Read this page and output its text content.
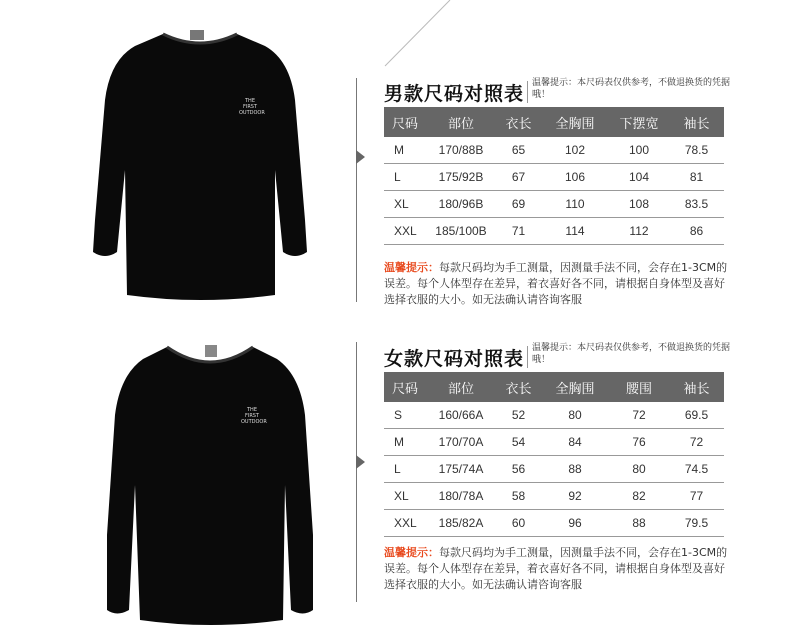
THE FIRST OUTDOOR
THE FIRST OUTDOOR
男款尺码对照表 温馨提示：本尺码表仅供参考，不做退换货的凭据哦！
尺码	部位	衣长	全胸围	下摆宽	袖长
M	170/88B	65	102	100	78.5
L	175/92B	67	106	104	81
XL	180/96B	69	110	108	83.5
XXL	185/100B	71	114	112	86
温馨提示：每款尺码均为手工测量，因测量手法不同，会存在1-3CM的误差。每个人体型存在差异，着衣喜好各不同，请根据自身体型及喜好选择衣服的大小。如无法确认请咨询客服
女款尺码对照表 温馨提示：本尺码表仅供参考，不做退换货的凭据哦！
尺码	部位	衣长	全胸围	腰围	袖长
S	160/66A	52	80	72	69.5
M	170/70A	54	84	76	72
L	175/74A	56	88	80	74.5
XL	180/78A	58	92	82	77
XXL	185/82A	60	96	88	79.5
温馨提示：每款尺码均为手工测量，因测量手法不同，会存在1-3CM的误差。每个人体型存在差异，着衣喜好各不同，请根据自身体型及喜好选择衣服的大小。如无法确认请咨询客服
